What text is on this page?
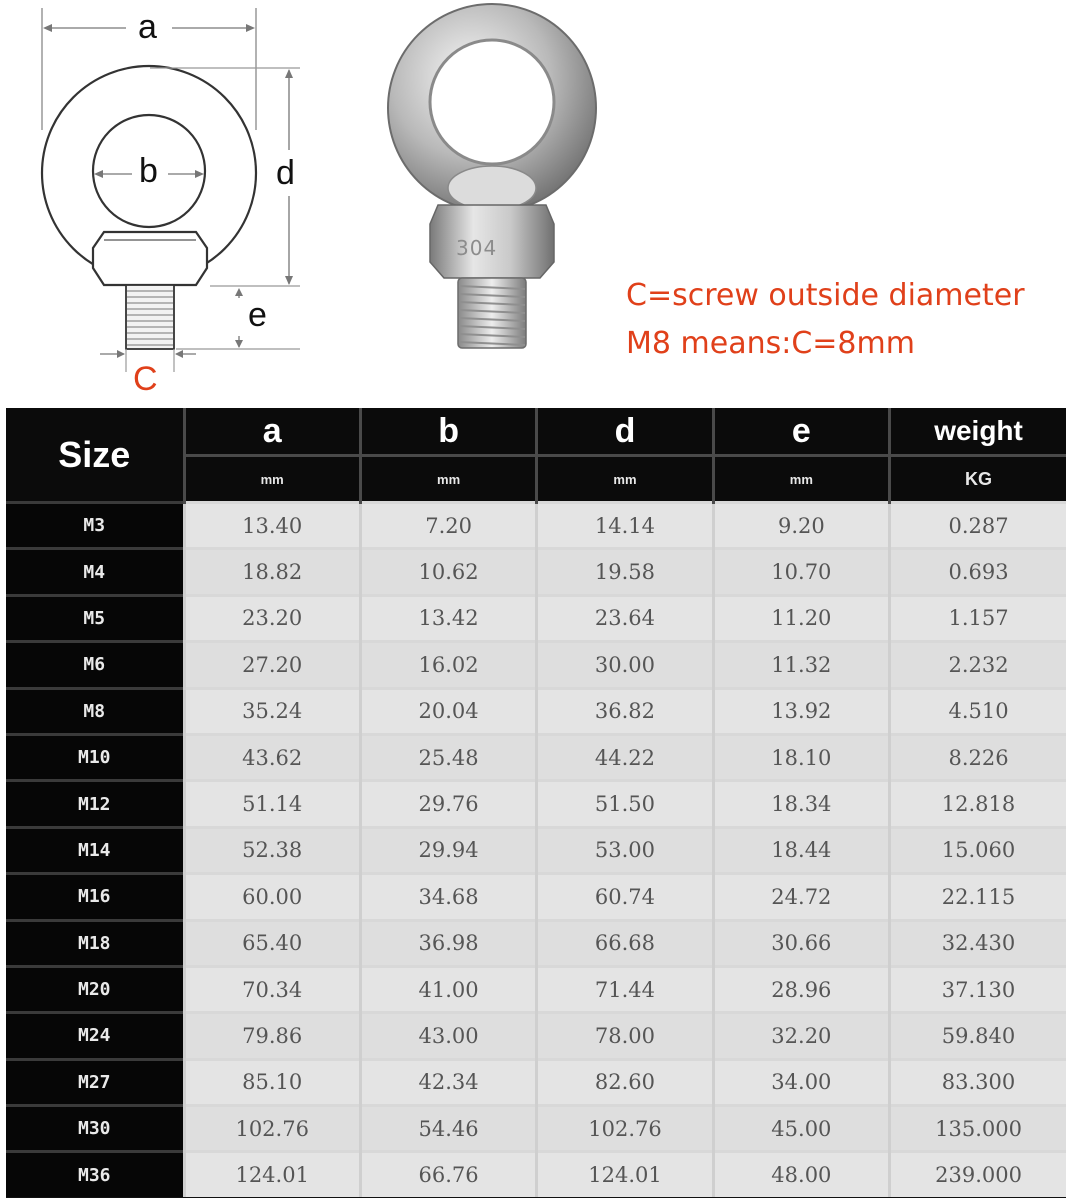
a
b	d
e
C
304
C=screw outside diameter
M8 means:C=8mm
Size	a	b	d	e	weight
	mm	mm	mm	mm	KG
M3	13.40	7.20	14.14	9.20	0.287
M4	18.82	10.62	19.58	10.70	0.693
M5	23.20	13.42	23.64	11.20	1.157
M6	27.20	16.02	30.00	11.32	2.232
M8	35.24	20.04	36.82	13.92	4.510
M10	43.62	25.48	44.22	18.10	8.226
M12	51.14	29.76	51.50	18.34	12.818
M14	52.38	29.94	53.00	18.44	15.060
M16	60.00	34.68	60.74	24.72	22.115
M18	65.40	36.98	66.68	30.66	32.430
M20	70.34	41.00	71.44	28.96	37.130
M24	79.86	43.00	78.00	32.20	59.840
M27	85.10	42.34	82.60	34.00	83.300
M30	102.76	54.46	102.76	45.00	135.000
M36	124.01	66.76	124.01	48.00	239.000
